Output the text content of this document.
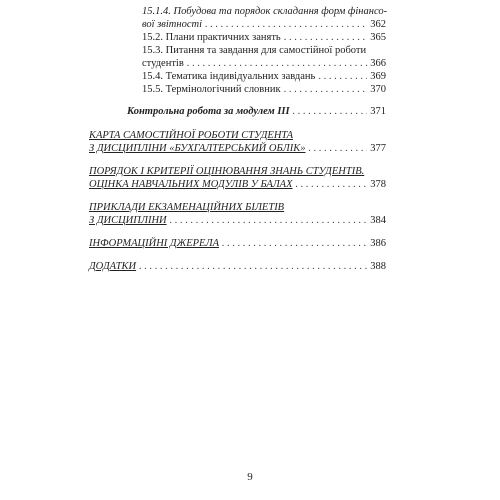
15.1.4. Побудова та порядок складання форм фінансо-
вої звітності . . .	362
15.2. Плани практичних занять . . .	365
15.3. Питання та завдання для самостійної роботи
студентів . . .	366
15.4. Тематика індивідуальних завдань . . .	369
15.5. Термінологічний словник . . .	370
Контрольна робота за модулем III . . .	371
КАРТА САМОСТІЙНОЇ РОБОТИ СТУДЕНТА
З ДИСЦИПЛІНИ «БУХГАЛТЕРСЬКИЙ ОБЛІК» . . .	377
ПОРЯДОК І КРИТЕРІЇ ОЦІНЮВАННЯ ЗНАНЬ СТУДЕНТІВ.
ОЦІНКА НАВЧАЛЬНИХ МОДУЛІВ У БАЛАХ . . .	378
ПРИКЛАДИ ЕКЗАМЕНАЦІЙНИХ БІЛЕТІВ
З ДИСЦИПЛІНИ . . .	384
ІНФОРМАЦІЙНІ ДЖЕРЕЛА . . .	386
ДОДАТКИ . . .	388
9
